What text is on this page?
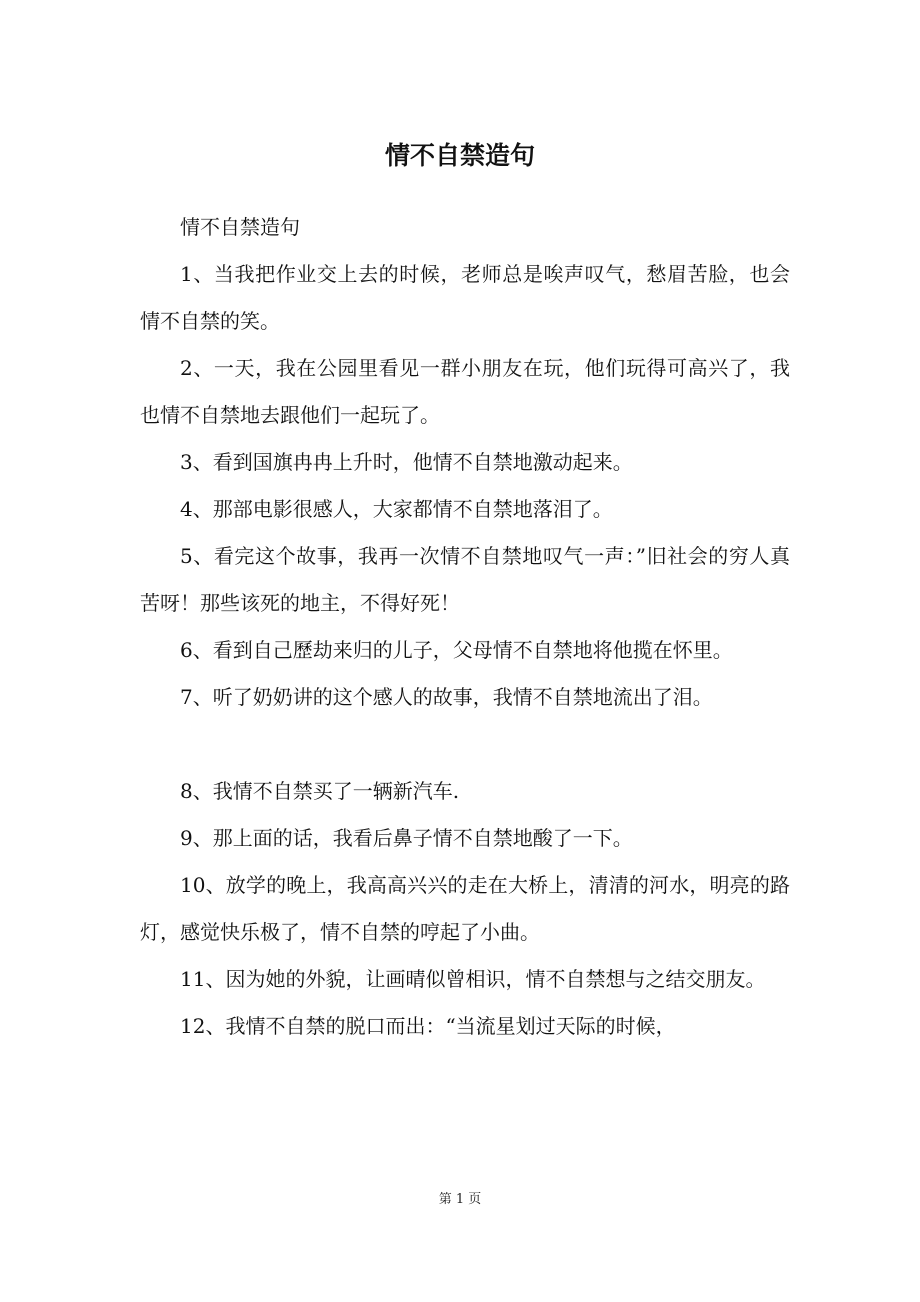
情不自禁造句

情不自禁造句

1、当我把作业交上去的时候，老师总是唉声叹气，愁眉苦脸，也会情不自禁的笑。

2、一天，我在公园里看见一群小朋友在玩，他们玩得可高兴了，我也情不自禁地去跟他们一起玩了。

3、看到国旗冉冉上升时，他情不自禁地激动起来。

4、那部电影很感人，大家都情不自禁地落泪了。

5、看完这个故事，我再一次情不自禁地叹气一声：”旧社会的穷人真苦呀！那些该死的地主，不得好死！

6、看到自己歷劫来归的儿子，父母情不自禁地将他揽在怀里。

7、听了奶奶讲的这个感人的故事，我情不自禁地流出了泪。

8、我情不自禁买了一辆新汽车.

9、那上面的话，我看后鼻子情不自禁地酸了一下。

10、放学的晚上，我高高兴兴的走在大桥上，清清的河水，明亮的路灯，感觉快乐极了，情不自禁的哼起了小曲。

11、因为她的外貌，让画晴似曾相识，情不自禁想与之结交朋友。

12、我情不自禁的脱口而出：“当流星划过天际的时候，

第 1 页
